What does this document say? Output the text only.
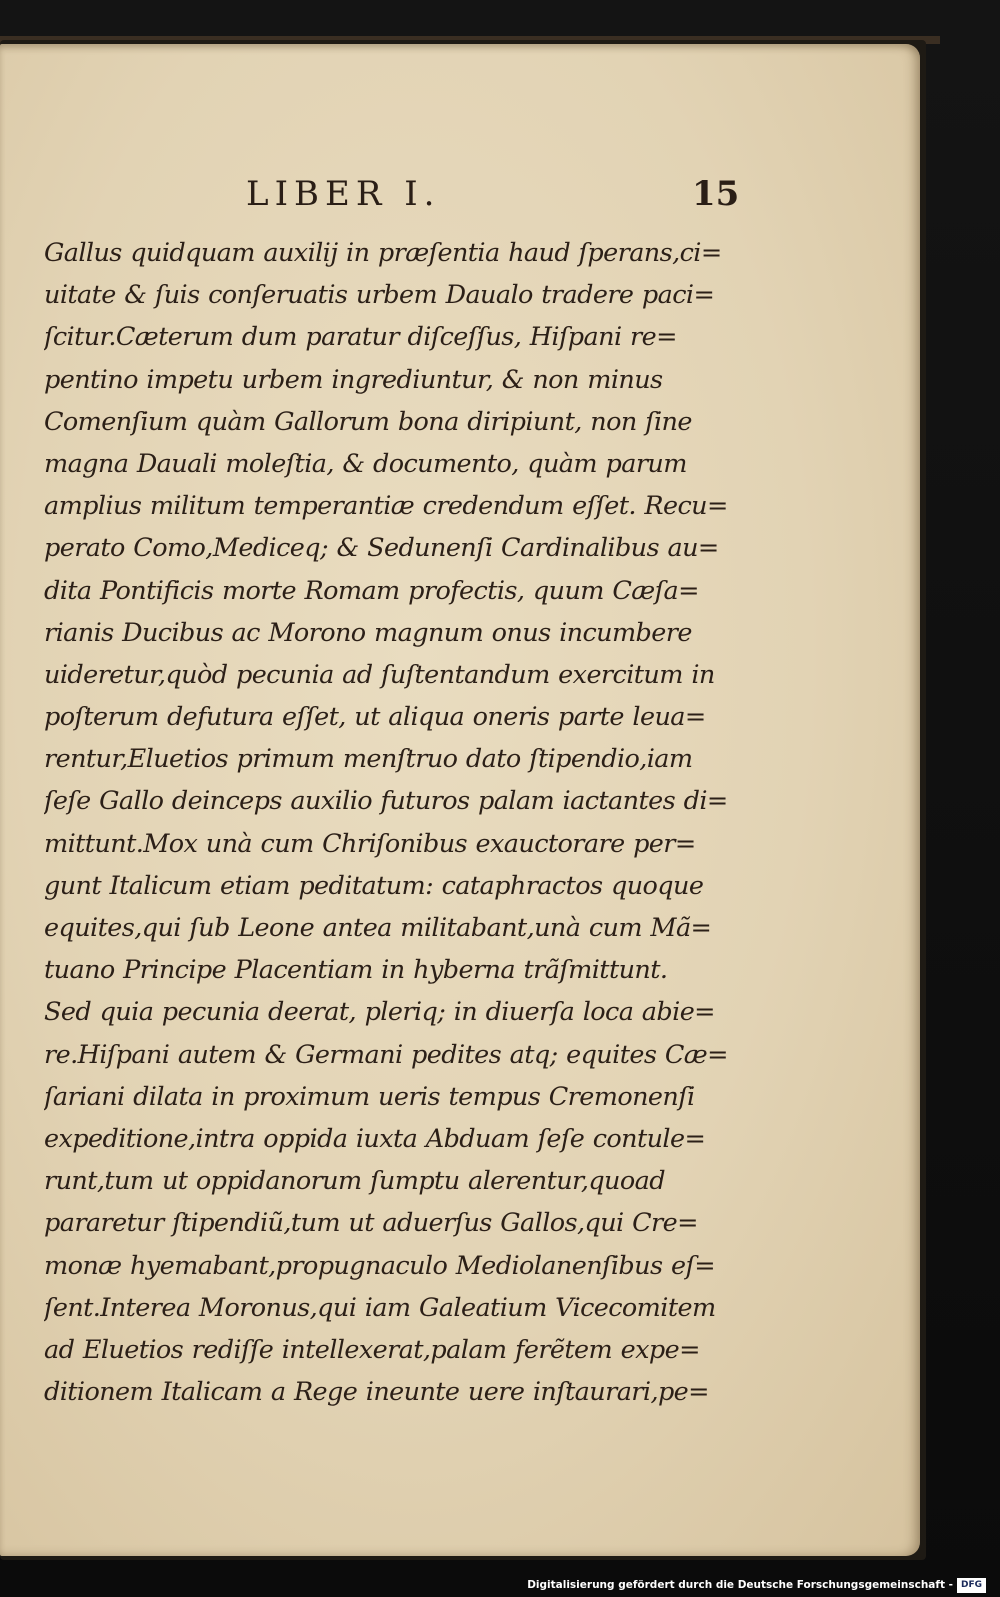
LIBER I.	15
Gallus quidquam auxilij in præſentia haud ſperans,ci=
uitate & ſuis conſeruatis urbem Daualo tradere paci=
ſcitur.Cæterum dum paratur diſceſſus, Hiſpani re=
pentino impetu urbem ingrediuntur, & non minus
Comenſium quàm Gallorum bona diripiunt, non ſine
magna Dauali moleſtia, & documento, quàm parum
amplius militum temperantiæ credendum eſſet. Recu=
perato Como,Mediceq; & Sedunenſi Cardinalibus au=
dita Pontificis morte Romam profectis, quum Cæſa=
rianis Ducibus ac Morono magnum onus incumbere
uideretur,quòd pecunia ad ſuſtentandum exercitum in
poſterum defutura eſſet, ut aliqua oneris parte leua=
rentur,Eluetios primum menſtruo dato ſtipendio,iam
ſeſe Gallo deinceps auxilio futuros palam iactantes di=
mittunt.Mox unà cum Chriſonibus exauctorare per=
gunt Italicum etiam peditatum: cataphractos quoque
equites,qui ſub Leone antea militabant,unà cum Mã=
tuano Principe Placentiam in hyberna trãſmittunt.
Sed quia pecunia deerat, pleriq; in diuerſa loca abie=
re.Hiſpani autem & Germani pedites atq; equites Cæ=
ſariani dilata in proximum ueris tempus Cremonenſi
expeditione,intra oppida iuxta Abduam ſeſe contule=
runt,tum ut oppidanorum ſumptu alerentur,quoad
pararetur ſtipendiũ,tum ut aduerſus Gallos,qui Cre=
monæ hyemabant,propugnaculo Mediolanenſibus eſ=
ſent.Interea Moronus,qui iam Galeatium Vicecomitem
ad Eluetios rediſſe intellexerat,palam ferẽtem expe=
ditionem Italicam a Rege ineunte uere inſtaurari,pe=
Digitalisierung gefördert durch die Deutsche Forschungsgemeinschaft - DFG
